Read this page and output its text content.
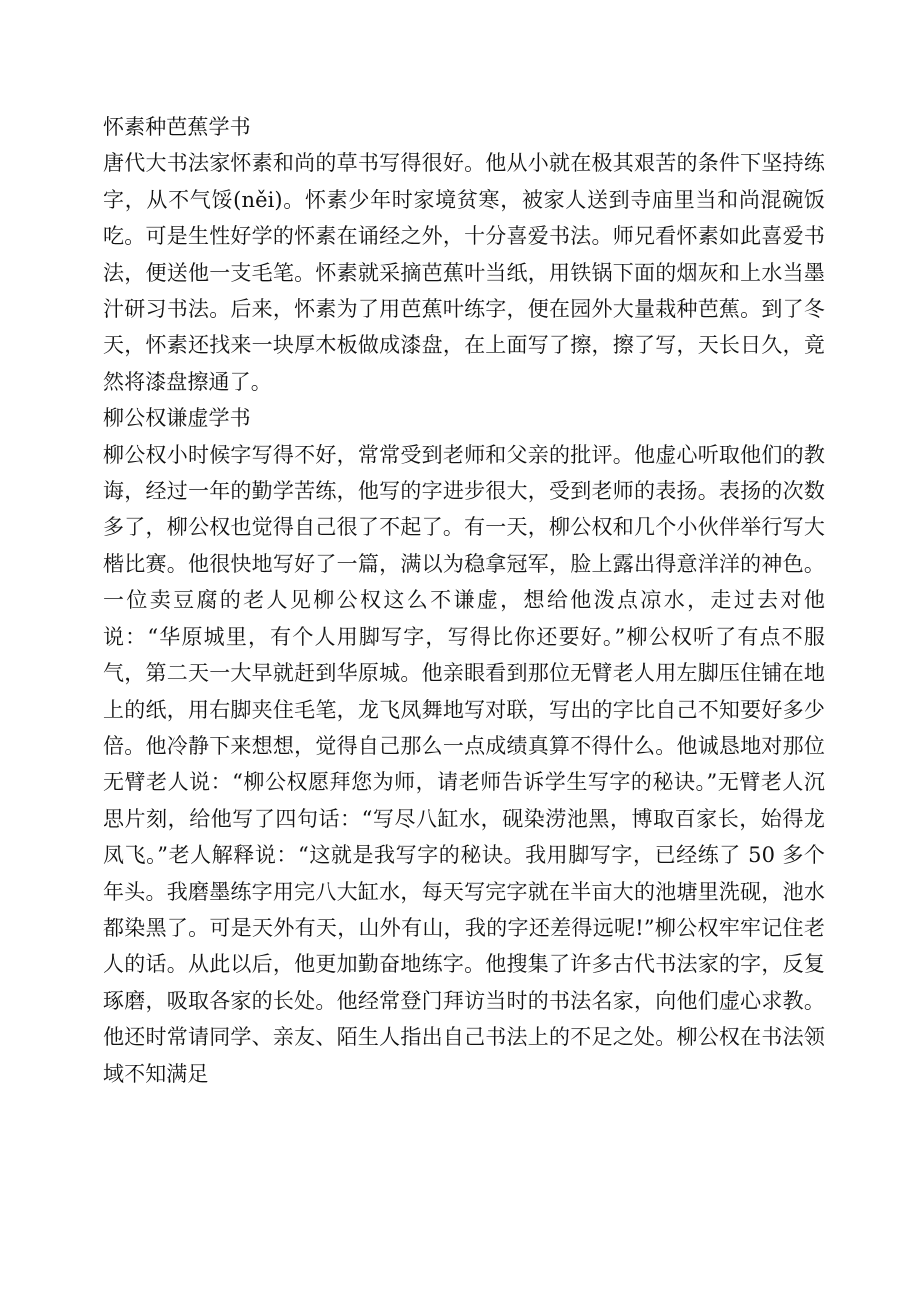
怀素种芭蕉学书

唐代大书法家怀素和尚的草书写得很好。他从小就在极其艰苦的条件下坚持练字，从不气馁(něi)。怀素少年时家境贫寒，被家人送到寺庙里当和尚混碗饭吃。可是生性好学的怀素在诵经之外，十分喜爱书法。师兄看怀素如此喜爱书法，便送他一支毛笔。怀素就采摘芭蕉叶当纸，用铁锅下面的烟灰和上水当墨汁研习书法。后来，怀素为了用芭蕉叶练字，便在园外大量栽种芭蕉。到了冬天，怀素还找来一块厚木板做成漆盘，在上面写了擦，擦了写，天长日久，竟然将漆盘擦通了。

柳公权谦虚学书

柳公权小时候字写得不好，常常受到老师和父亲的批评。他虚心听取他们的教诲，经过一年的勤学苦练，他写的字进步很大，受到老师的表扬。表扬的次数多了，柳公权也觉得自己很了不起了。有一天，柳公权和几个小伙伴举行写大楷比赛。他很快地写好了一篇，满以为稳拿冠军，脸上露出得意洋洋的神色。一位卖豆腐的老人见柳公权这么不谦虚，想给他泼点凉水，走过去对他说：“华原城里，有个人用脚写字，写得比你还要好。”柳公权听了有点不服气，第二天一大早就赶到华原城。他亲眼看到那位无臂老人用左脚压住铺在地上的纸，用右脚夹住毛笔，龙飞凤舞地写对联，写出的字比自己不知要好多少倍。他冷静下来想想，觉得自己那么一点成绩真算不得什么。他诚恳地对那位无臂老人说：“柳公权愿拜您为师，请老师告诉学生写字的秘诀。”无臂老人沉思片刻，给他写了四句话：“写尽八缸水，砚染涝池黑，博取百家长，始得龙凤飞。”老人解释说：“这就是我写字的秘诀。我用脚写字，已经练了 50 多个年头。我磨墨练字用完八大缸水，每天写完字就在半亩大的池塘里洗砚，池水都染黑了。可是天外有天，山外有山，我的字还差得远呢!”柳公权牢牢记住老人的话。从此以后，他更加勤奋地练字。他搜集了许多古代书法家的字，反复琢磨，吸取各家的长处。他经常登门拜访当时的书法名家，向他们虚心求教。他还时常请同学、亲友、陌生人指出自己书法上的不足之处。柳公权在书法领域不知满足
